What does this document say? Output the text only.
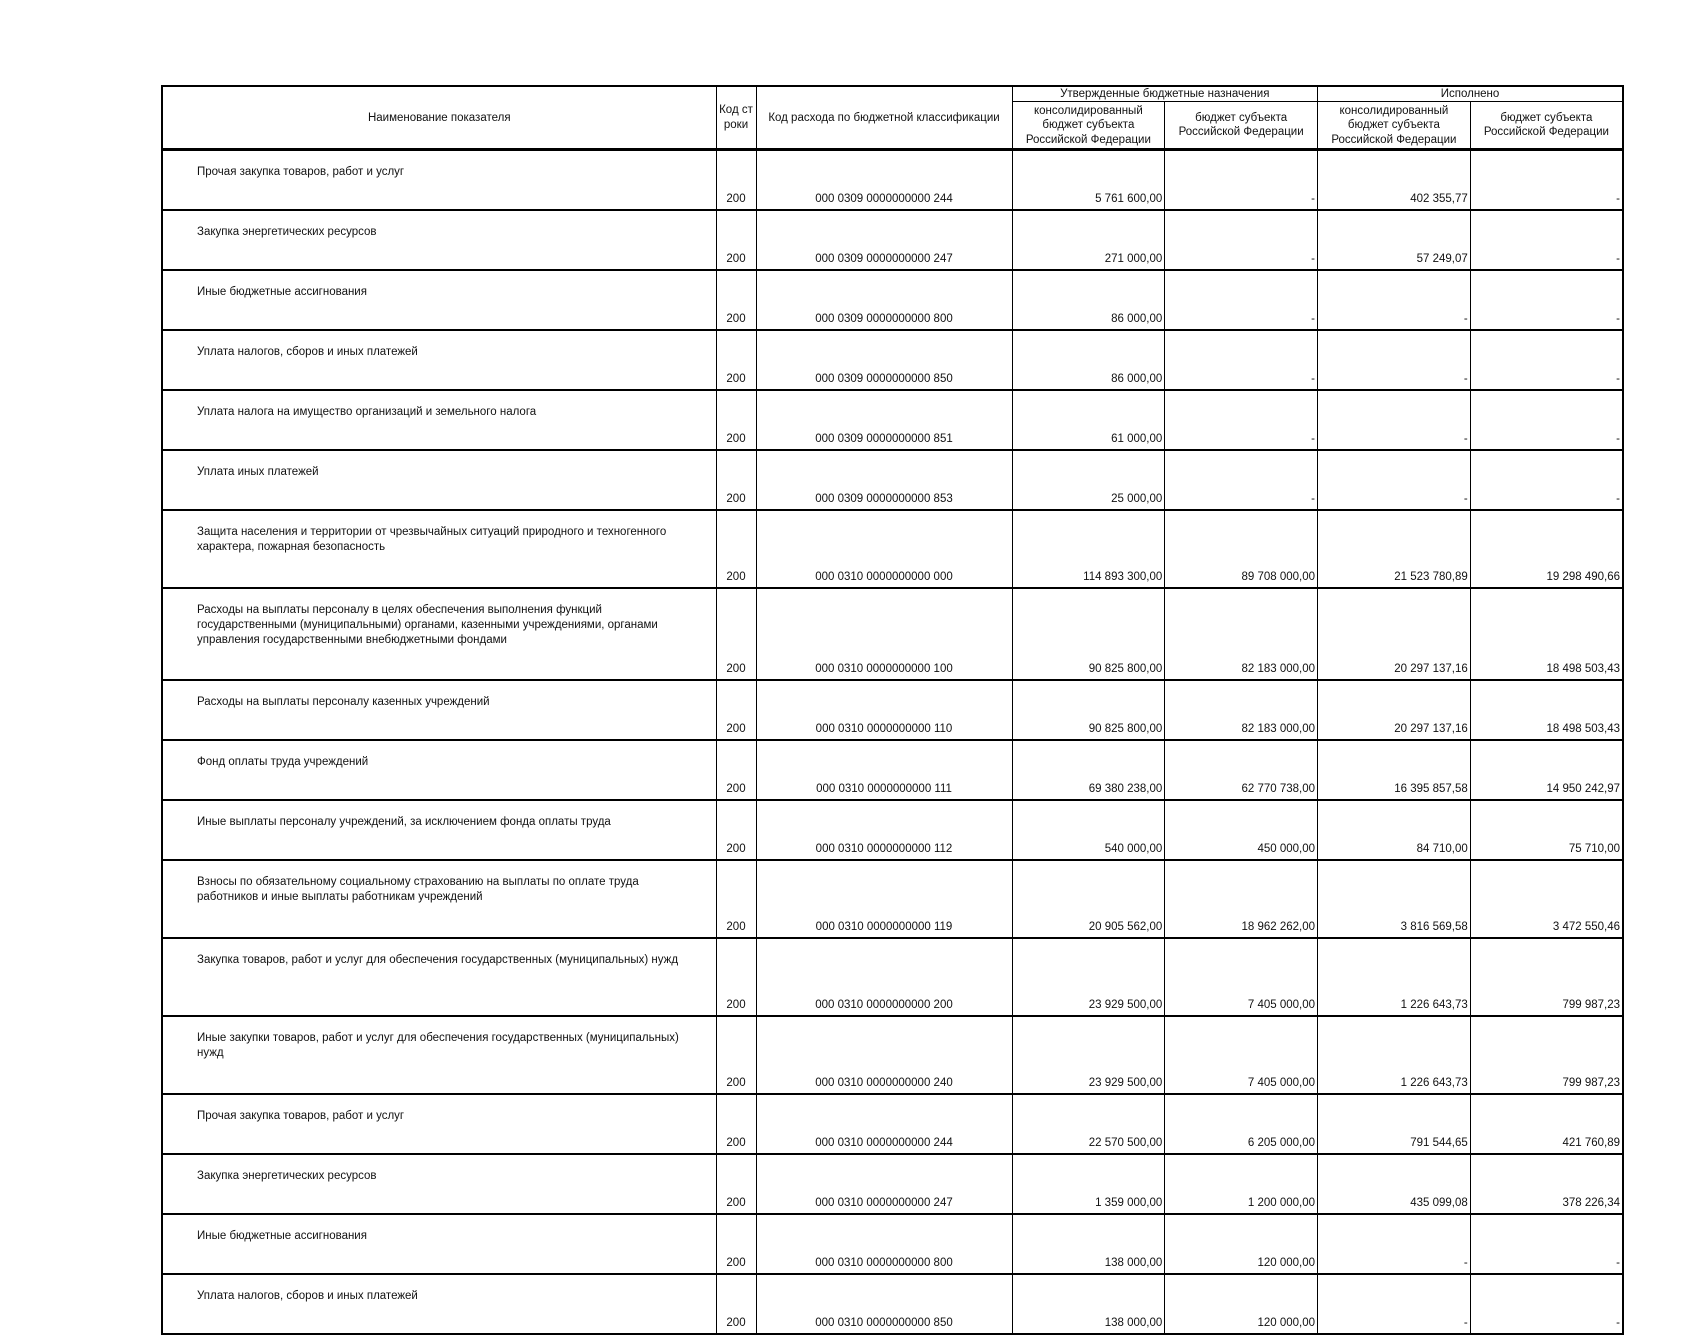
Наименование показателя	Код строки	Код расхода по бюджетной классификации	Утвержденные бюджетные назначения		Исполнено	
			консолидированный бюджет субъекта Российской Федерации	бюджет субъекта Российской Федерации	консолидированный бюджет субъекта Российской Федерации	бюджет субъекта Российской Федерации
Прочая закупка товаров, работ и услуг	200	000 0309 0000000000 244	5 761 600,00	-	402 355,77	-
Закупка энергетических ресурсов	200	000 0309 0000000000 247	271 000,00	-	57 249,07	-
Иные бюджетные ассигнования	200	000 0309 0000000000 800	86 000,00	-	-	-
Уплата налогов, сборов и иных платежей	200	000 0309 0000000000 850	86 000,00	-	-	-
Уплата налога на имущество организаций и земельного налога	200	000 0309 0000000000 851	61 000,00	-	-	-
Уплата иных платежей	200	000 0309 0000000000 853	25 000,00	-	-	-
Защита населения и территории от чрезвычайных ситуаций природного и техногенного характера, пожарная безопасность	200	000 0310 0000000000 000	114 893 300,00	89 708 000,00	21 523 780,89	19 298 490,66
Расходы на выплаты персоналу в целях обеспечения выполнения функций государственными (муниципальными) органами, казенными учреждениями, органами управления государственными внебюджетными фондами	200	000 0310 0000000000 100	90 825 800,00	82 183 000,00	20 297 137,16	18 498 503,43
Расходы на выплаты персоналу казенных учреждений	200	000 0310 0000000000 110	90 825 800,00	82 183 000,00	20 297 137,16	18 498 503,43
Фонд оплаты труда учреждений	200	000 0310 0000000000 111	69 380 238,00	62 770 738,00	16 395 857,58	14 950 242,97
Иные выплаты персоналу учреждений, за исключением фонда оплаты труда	200	000 0310 0000000000 112	540 000,00	450 000,00	84 710,00	75 710,00
Взносы по обязательному социальному страхованию на выплаты по оплате труда работников и иные выплаты работникам учреждений	200	000 0310 0000000000 119	20 905 562,00	18 962 262,00	3 816 569,58	3 472 550,46
Закупка товаров, работ и услуг для обеспечения государственных (муниципальных) нужд	200	000 0310 0000000000 200	23 929 500,00	7 405 000,00	1 226 643,73	799 987,23
Иные закупки товаров, работ и услуг для обеспечения государственных (муниципальных) нужд	200	000 0310 0000000000 240	23 929 500,00	7 405 000,00	1 226 643,73	799 987,23
Прочая закупка товаров, работ и услуг	200	000 0310 0000000000 244	22 570 500,00	6 205 000,00	791 544,65	421 760,89
Закупка энергетических ресурсов	200	000 0310 0000000000 247	1 359 000,00	1 200 000,00	435 099,08	378 226,34
Иные бюджетные ассигнования	200	000 0310 0000000000 800	138 000,00	120 000,00	-	-
Уплата налогов, сборов и иных платежей	200	000 0310 0000000000 850	138 000,00	120 000,00	-	-
